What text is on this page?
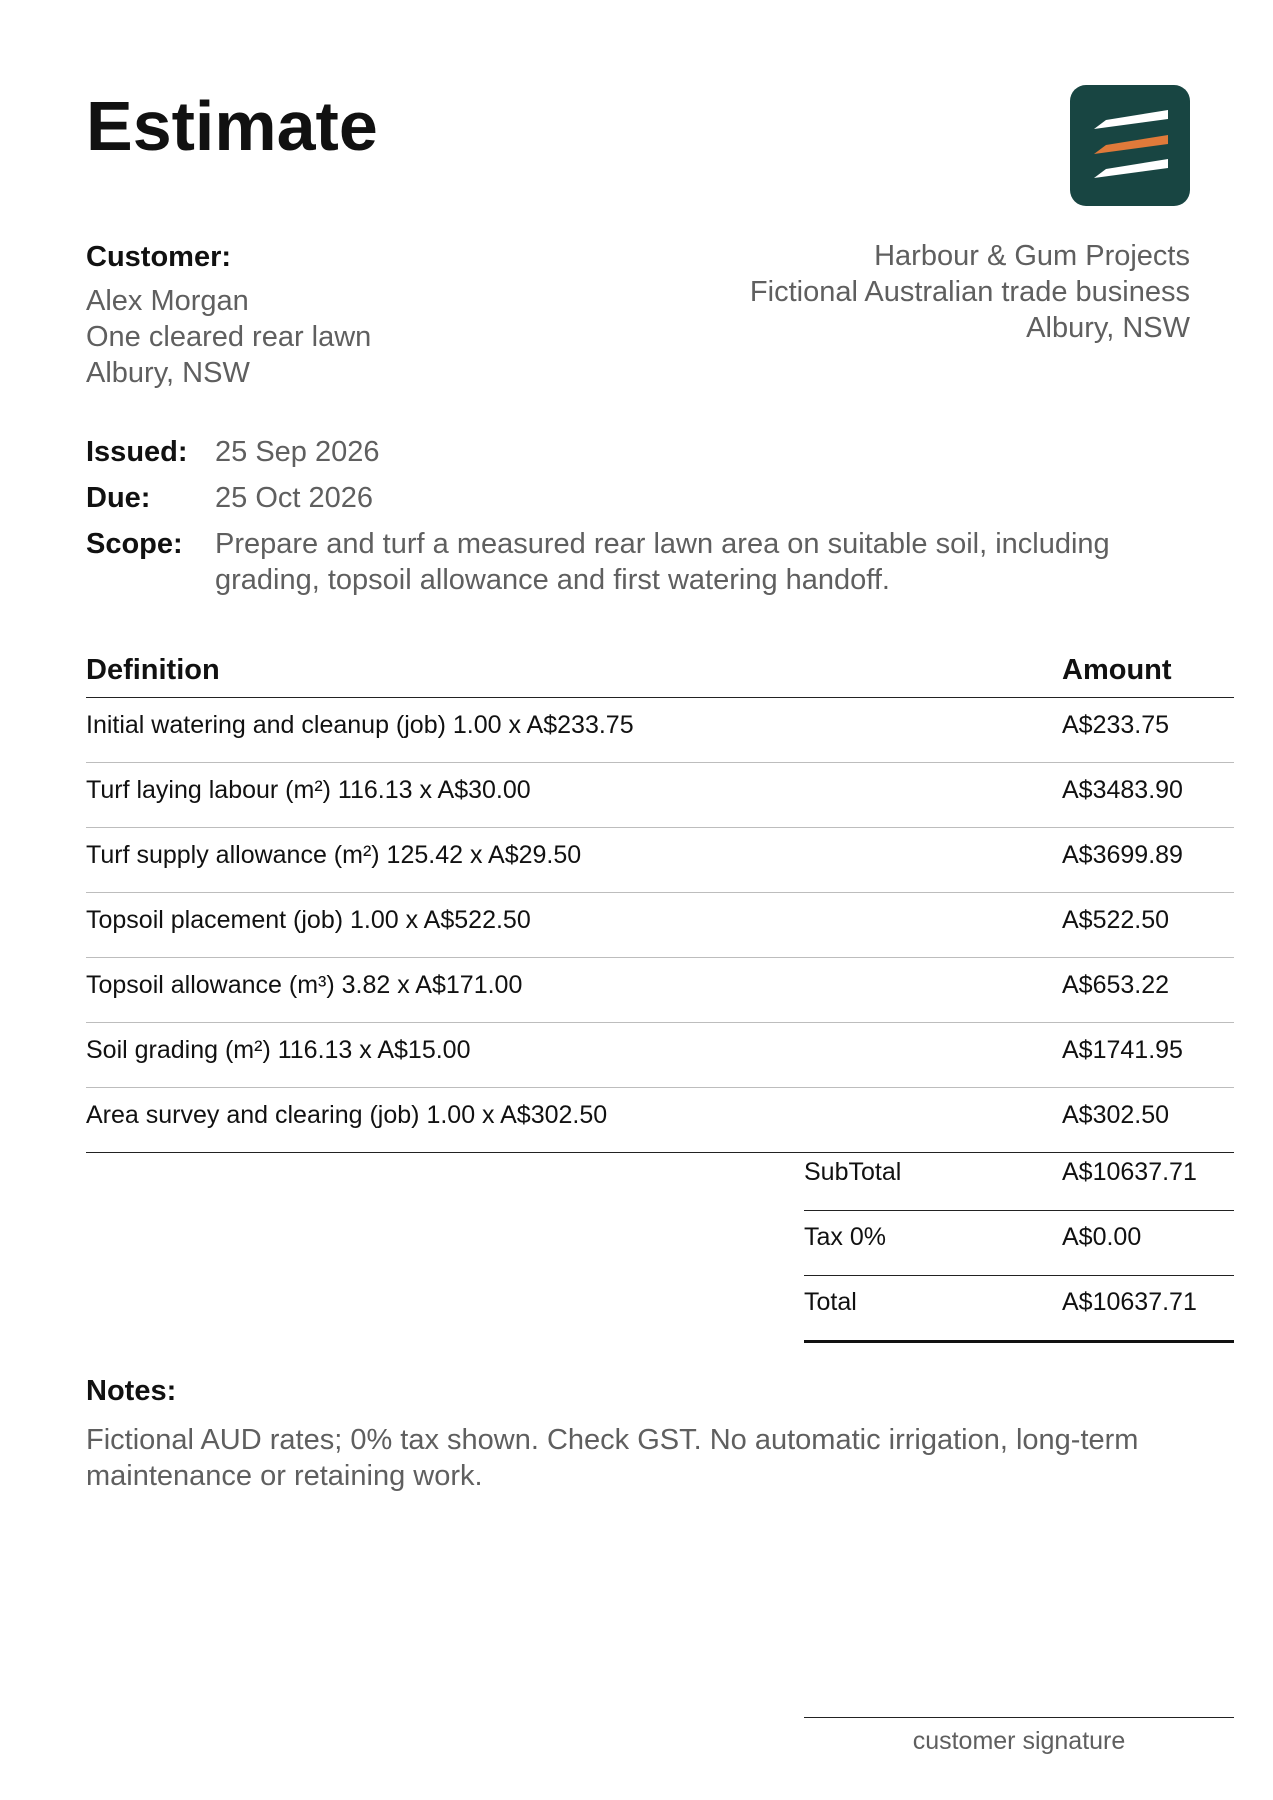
Estimate
Customer:
Alex Morgan
One cleared rear lawn
Albury, NSW
Harbour & Gum Projects
Fictional Australian trade business
Albury, NSW
Issued: 25 Sep 2026
Due: 25 Oct 2026
Scope: Prepare and turf a measured rear lawn area on suitable soil, including grading, topsoil allowance and first watering handoff.
Definition	Amount
Initial watering and cleanup (job) 1.00 x A$233.75	A$233.75
Turf laying labour (m²) 116.13 x A$30.00	A$3483.90
Turf supply allowance (m²) 125.42 x A$29.50	A$3699.89
Topsoil placement (job) 1.00 x A$522.50	A$522.50
Topsoil allowance (m³) 3.82 x A$171.00	A$653.22
Soil grading (m²) 116.13 x A$15.00	A$1741.95
Area survey and clearing (job) 1.00 x A$302.50	A$302.50
SubTotal	A$10637.71
Tax 0%	A$0.00
Total	A$10637.71
Notes:
Fictional AUD rates; 0% tax shown. Check GST. No automatic irrigation, long-term maintenance or retaining work.
customer signature
